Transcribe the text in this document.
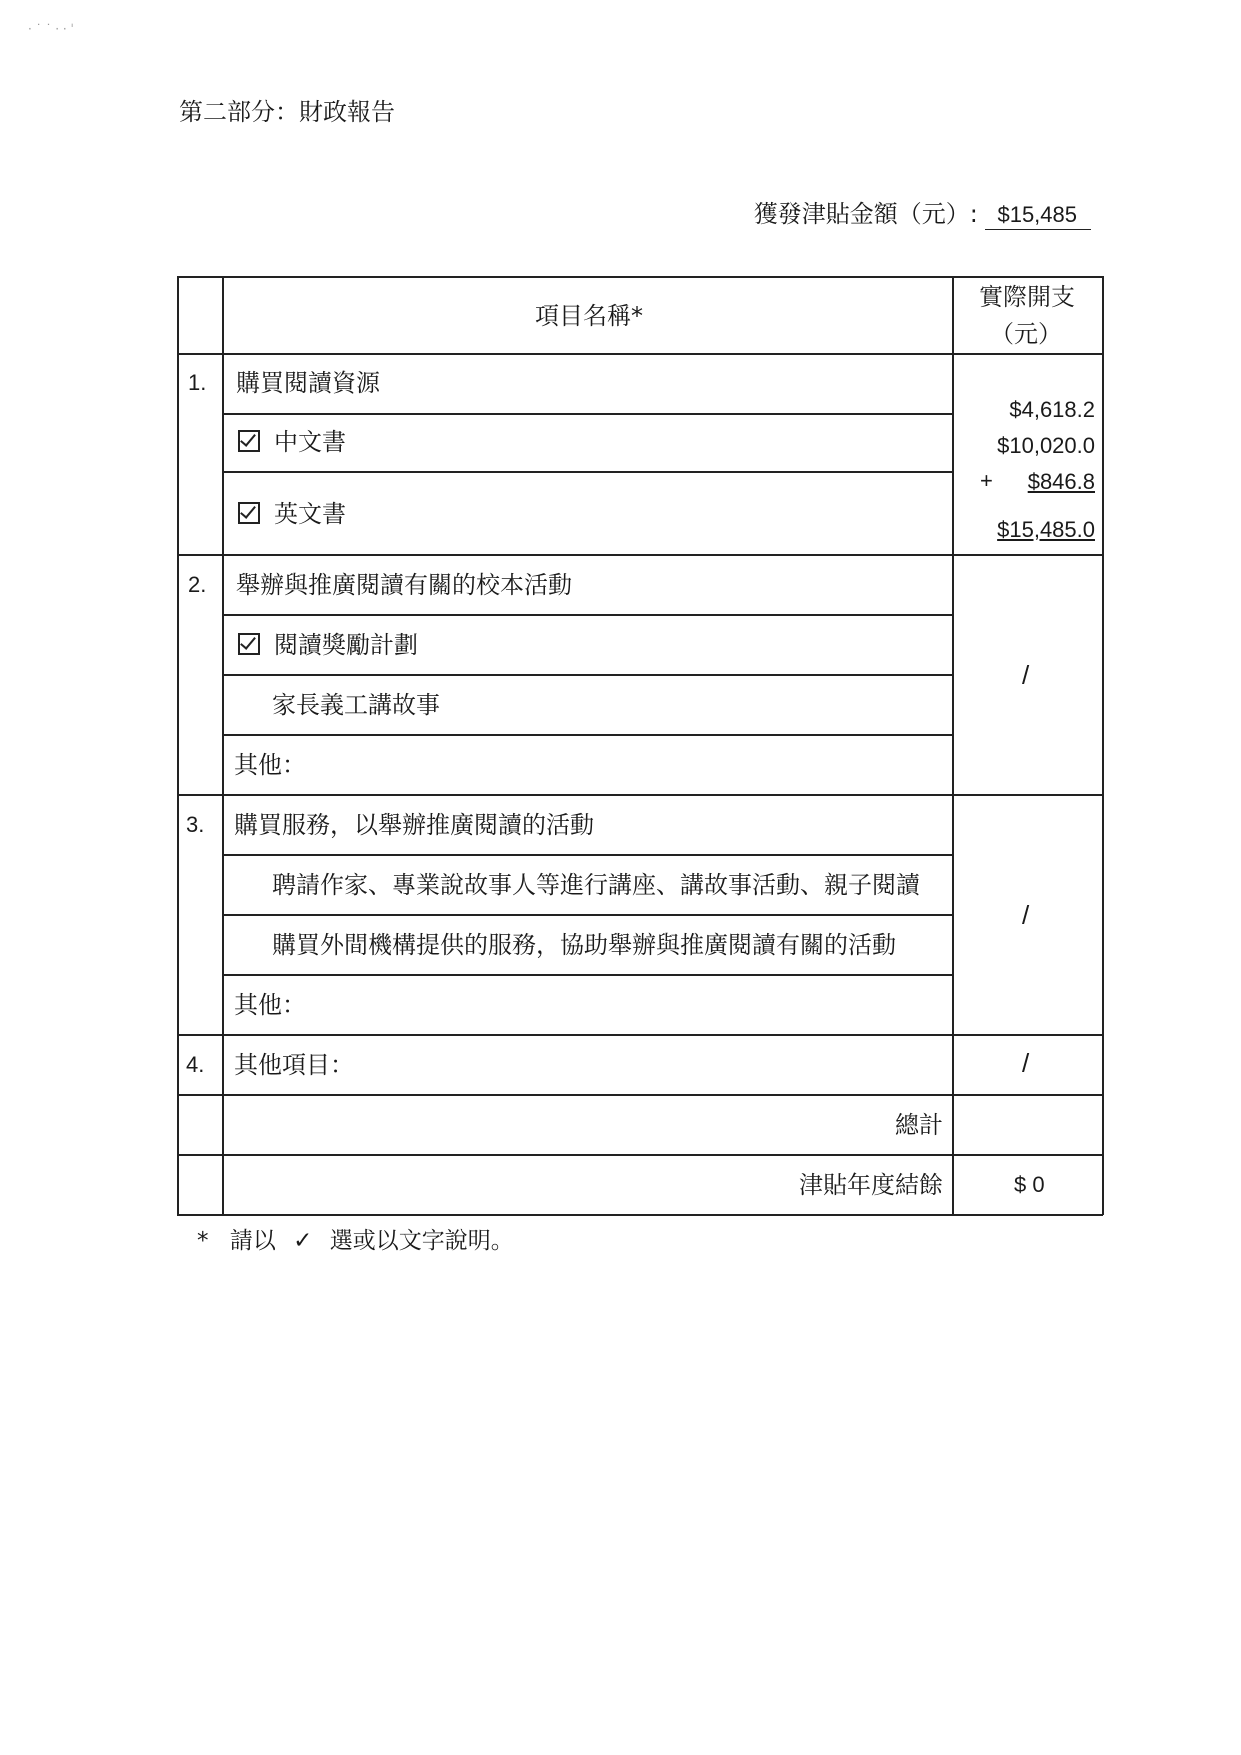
· ˙ ˙ · · ˈ
第二部分：財政報告
獲發津貼金額（元）: $15,485
項目名稱*
實際開支
（元）
1. 購買閱讀資源
中文書
英文書
$4,618.2
$10,020.0
+ $846.8
$15,485.0
2. 舉辦與推廣閱讀有關的校本活動
閱讀獎勵計劃
家長義工講故事
其他：
/
3. 購買服務，以舉辦推廣閱讀的活動
聘請作家、專業說故事人等進行講座、講故事活動、親子閱讀
購買外間機構提供的服務，協助舉辦與推廣閱讀有關的活動
其他：
/
4. 其他項目：	/
總計
津貼年度結餘	$ 0
* 請以 ✓ 選或以文字說明。
